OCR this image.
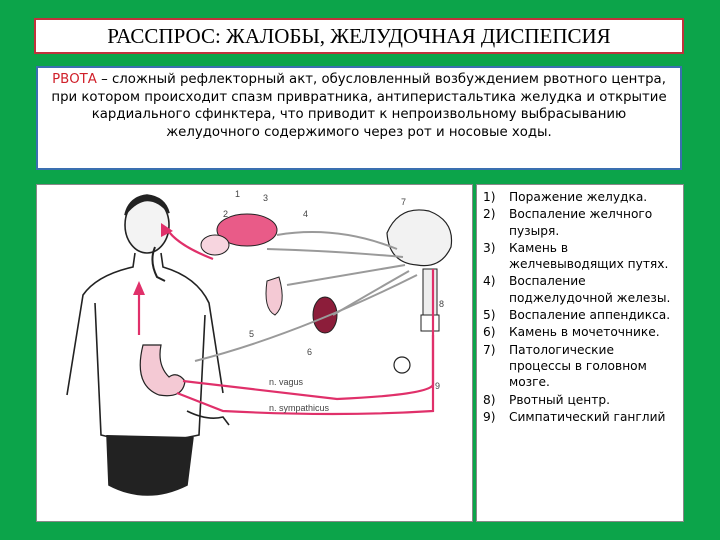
РАССПРОС: ЖАЛОБЫ, ЖЕЛУДОЧНАЯ ДИСПЕПСИЯ
РВОТА – сложный рефлекторный акт, обусловленный возбуждением рвотного центра, при котором происходит спазм привратника, антиперистальтика желудка и открытие кардиального сфинктера, что приводит к непроизвольному выбрасыванию желудочного содержимого через рот и носовые ходы.
1
2
3
4
5
6
7
8
9
n. vagus
n. sympathicus
1)	Поражение желудка.
2)	Воспаление желчного пузыря.
3)	Камень в желчевыводящих путях.
4)	Воспаление поджелудочной железы.
5)	Воспаление аппендикса.
6)	Камень в мочеточнике.
7)	Патологические процессы в головном мозге.
8)	Рвотный центр.
9)	Симпатический ганглий
